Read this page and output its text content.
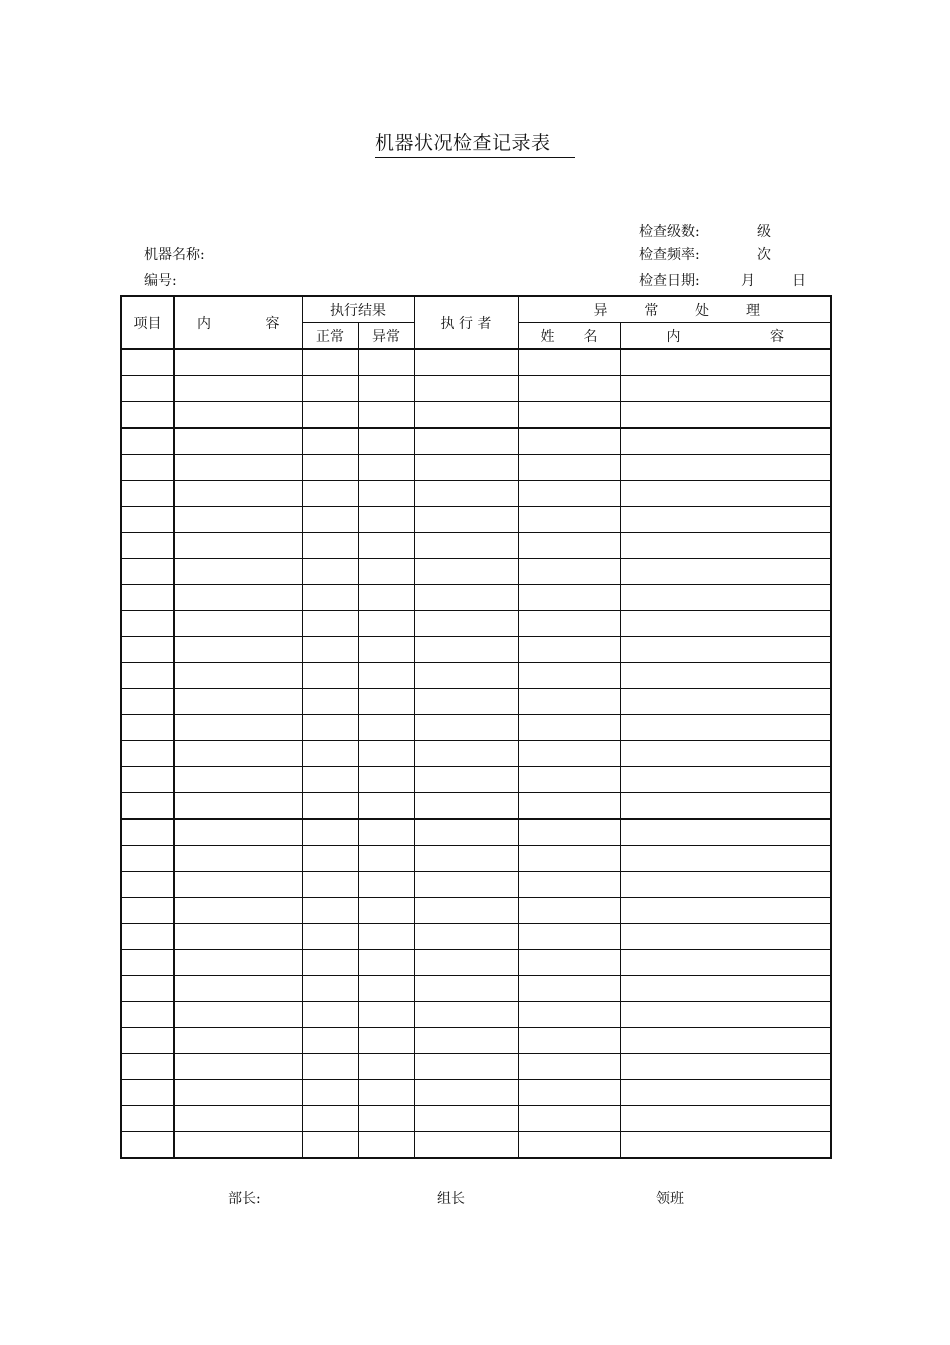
机器状况检查记录表
检查级数:	级
机器名称:	检查频率:	次
编号:	检查日期:	月	日
项目	内 容	执行结果		执 行 者	异 常 处 理	

		正常	异常		姓 名	内 容

部长:	组长	领班
